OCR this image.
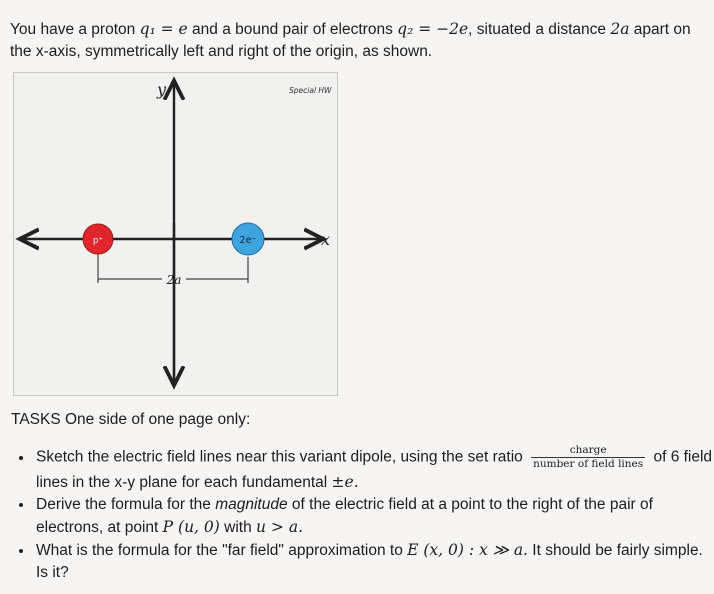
You have a proton q₁ = e and a bound pair of electrons q₂ = −2e, situated a distance 2a apart on the x-axis, symmetrically left and right of the origin, as shown.
2a
p⁺	2e⁻
y
x
Special HW
TASKS One side of one page only:
• Sketch the electric field lines near this variant dipole, using the set ratio $\frac{\text{charge}}{\text{number of field lines}}$ of 6 field lines in the x-y plane for each fundamental ±e.
• Derive the formula for the magnitude of the electric field at a point to the right of the pair of electrons, at point P (u, 0) with u > a.
• What is the formula for the "far field" approximation to E (x, 0) : x ≫ a. It should be fairly simple. Is it?
